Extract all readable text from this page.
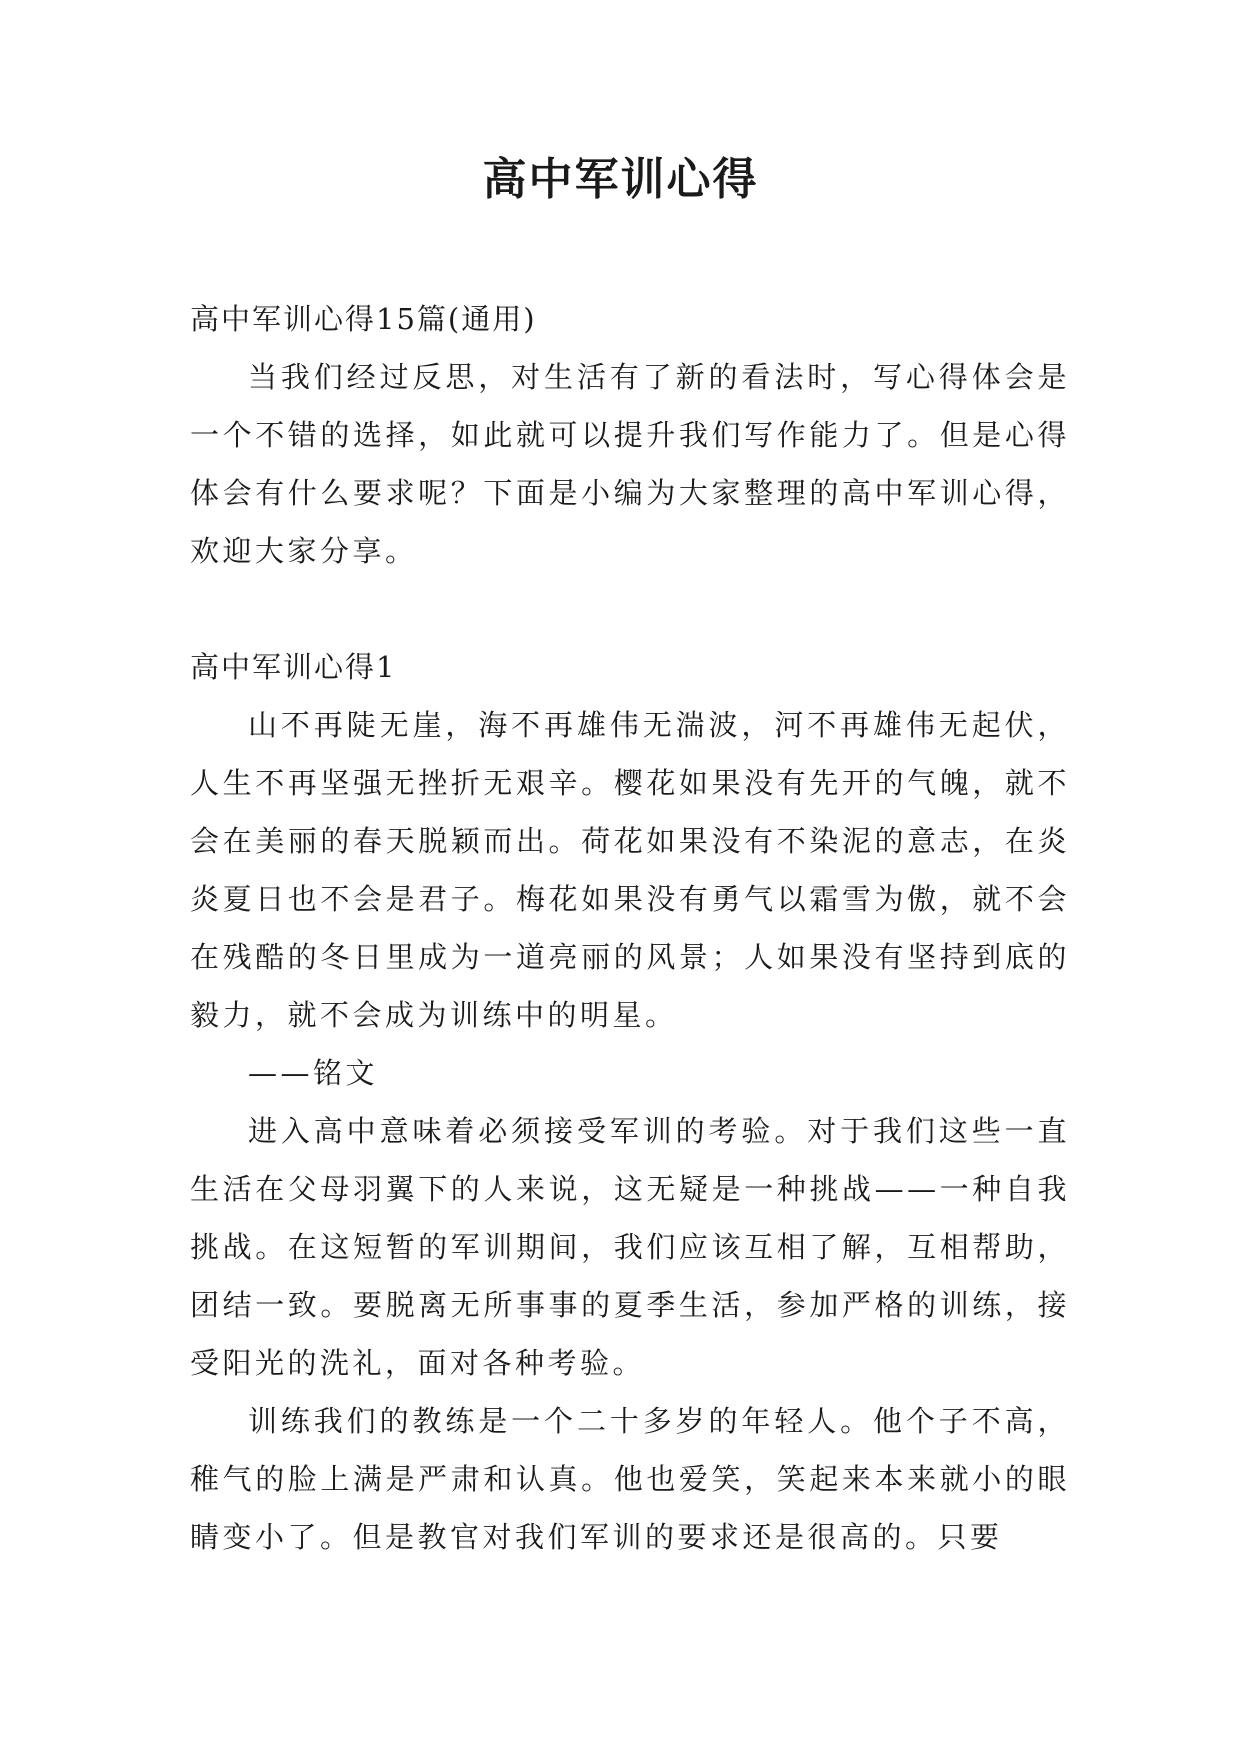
高中军训心得

高中军训心得15篇(通用)

当我们经过反思，对生活有了新的看法时，写心得体会是一个不错的选择，如此就可以提升我们写作能力了。但是心得体会有什么要求呢？下面是小编为大家整理的高中军训心得，欢迎大家分享。

高中军训心得1

山不再陡无崖，海不再雄伟无湍波，河不再雄伟无起伏，人生不再坚强无挫折无艰辛。樱花如果没有先开的气魄，就不会在美丽的春天脱颖而出。荷花如果没有不染泥的意志，在炎炎夏日也不会是君子。梅花如果没有勇气以霜雪为傲，就不会在残酷的冬日里成为一道亮丽的风景；人如果没有坚持到底的毅力，就不会成为训练中的明星。

——铭文

进入高中意味着必须接受军训的考验。对于我们这些一直生活在父母羽翼下的人来说，这无疑是一种挑战——一种自我挑战。在这短暂的军训期间，我们应该互相了解，互相帮助，团结一致。要脱离无所事事的夏季生活，参加严格的训练，接受阳光的洗礼，面对各种考验。

训练我们的教练是一个二十多岁的年轻人。他个子不高，稚气的脸上满是严肃和认真。他也爱笑，笑起来本来就小的眼睛变小了。但是教官对我们军训的要求还是很高的。只要
